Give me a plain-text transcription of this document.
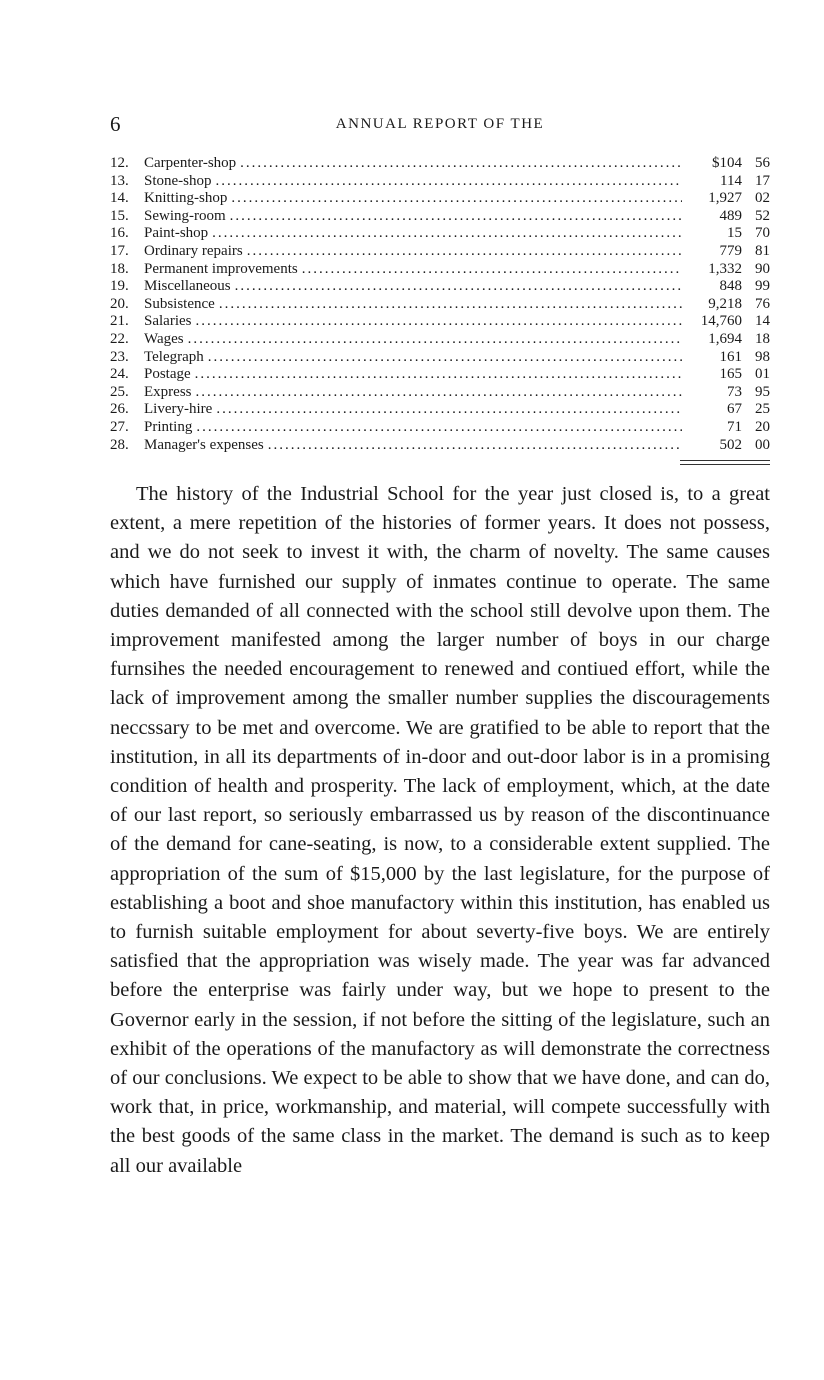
6	ANNUAL REPORT OF THE
12.	Carpenter-shop .....	$104 56
13.	Stone-shop .....	114 17
14.	Knitting-shop .....	1,927 02
15.	Sewing-room .....	489 52
16.	Paint-shop .....	15 70
17.	Ordinary repairs .....	779 81
18.	Permanent improvements .....	1,332 90
19.	Miscellaneous .....	848 99
20.	Subsistence .....	9,218 76
21.	Salaries .....	14,760 14
22.	Wages .....	1,694 18
23.	Telegraph .....	161 98
24.	Postage .....	165 01
25.	Express .....	73 95
26.	Livery-hire .....	67 25
27.	Printing .....	71 20
28.	Manager's expenses .....	502 00

The history of the Industrial School for the year just closed is, to a great extent, a mere repetition of the histories of former years. It does not possess, and we do not seek to invest it with, the charm of novelty. The same causes which have furnished our supply of inmates continue to operate. The same duties demanded of all connected with the school still devolve upon them. The improvement manifested among the larger number of boys in our charge furnsihes the needed encouragement to renewed and contiued effort, while the lack of improvement among the smaller number supplies the discouragements neccssary to be met and overcome. We are gratified to be able to report that the institution, in all its departments of in-door and out-door labor is in a promising condition of health and prosperity. The lack of employment, which, at the date of our last report, so seriously embarrassed us by reason of the discontinuance of the demand for cane-seating, is now, to a considerable extent supplied. The appropriation of the sum of $15,000 by the last legislature, for the purpose of establishing a boot and shoe manufactory within this institution, has enabled us to furnish suitable employment for about severty-five boys. We are entirely satisfied that the appropriation was wisely made. The year was far advanced before the enterprise was fairly under way, but we hope to present to the Governor early in the session, if not before the sitting of the legislature, such an exhibit of the operations of the manufactory as will demonstrate the correctness of our conclusions. We expect to be able to show that we have done, and can do, work that, in price, workmanship, and material, will compete successfully with the best goods of the same class in the market. The demand is such as to keep all our available
